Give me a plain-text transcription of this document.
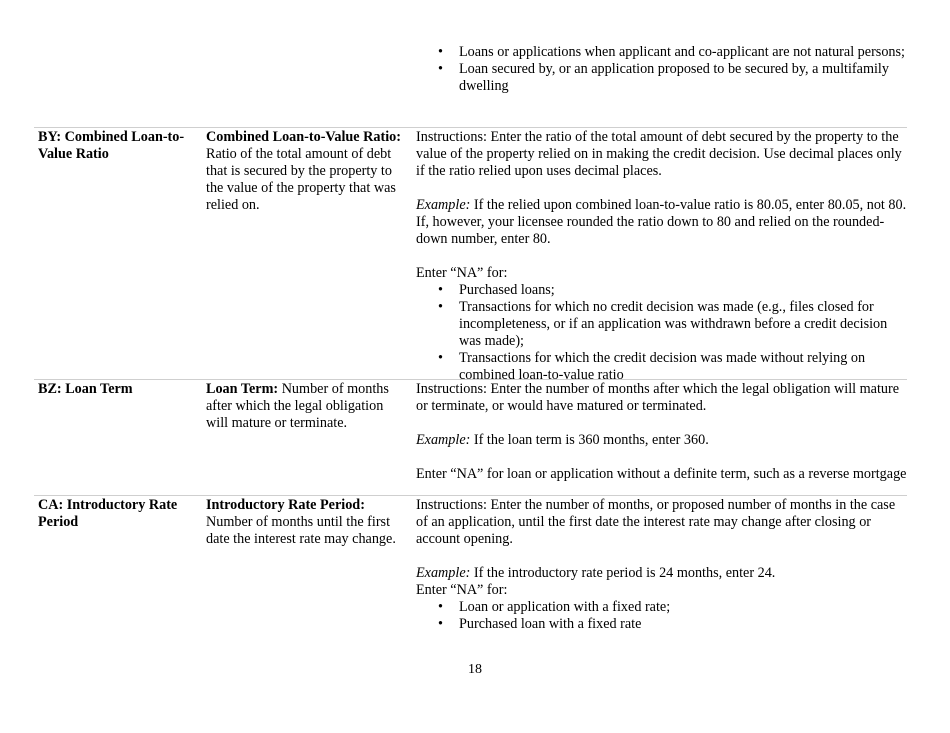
• Loans or applications when applicant and co-applicant are not natural persons;
• Loan secured by, or an application proposed to be secured by, a multifamily dwelling
BY: Combined Loan-to-Value Ratio
Combined Loan-to-Value Ratio: Ratio of the total amount of debt that is secured by the property to the value of the property that was relied on.

Instructions: Enter the ratio of the total amount of debt secured by the property to the value of the property relied on in making the credit decision. Use decimal places only if the ratio relied upon uses decimal places.

Example: If the relied upon combined loan-to-value ratio is 80.05, enter 80.05, not 80. If, however, your licensee rounded the ratio down to 80 and relied on the rounded-down number, enter 80.

Enter “NA” for:

• Purchased loans;
• Transactions for which no credit decision was made (e.g., files closed for incompleteness, or if an application was withdrawn before a credit decision was made);
• Transactions for which the credit decision was made without relying on combined loan-to-value ratio
BZ: Loan Term	Loan Term: Number of months after which the legal obligation will mature or terminate.

Instructions: Enter the number of months after which the legal obligation will mature or terminate, or would have matured or terminated.

Example: If the loan term is 360 months, enter 360.

Enter “NA” for loan or application without a definite term, such as a reverse mortgage

CA: Introductory Rate Period
Introductory Rate Period: Number of months until the first date the interest rate may change.

Instructions: Enter the number of months, or proposed number of months in the case of an application, until the first date the interest rate may change after closing or account opening.

Example: If the introductory rate period is 24 months, enter 24.

Enter “NA” for:

• Loan or application with a fixed rate;
• Purchased loan with a fixed rate
18
